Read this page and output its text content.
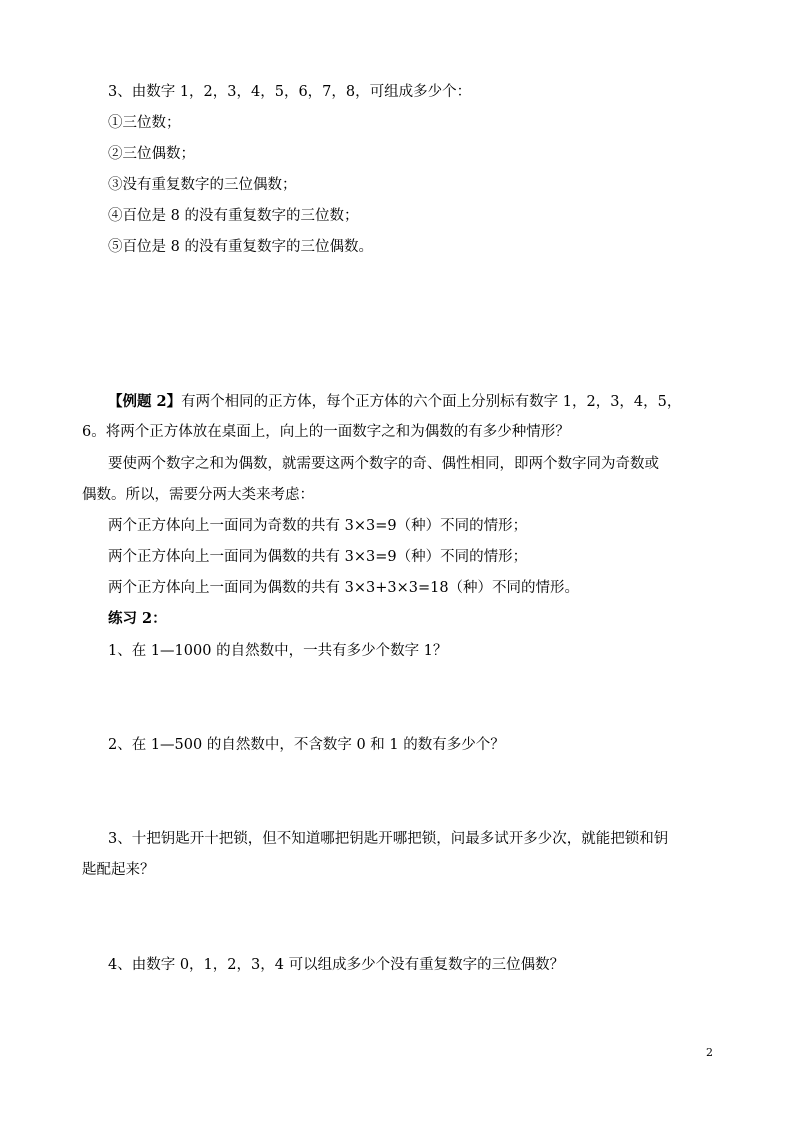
3、由数字 1，2，3，4，5，6，7，8，可组成多少个：
①三位数；
②三位偶数；
③没有重复数字的三位偶数；
④百位是 8 的没有重复数字的三位数；
⑤百位是 8 的没有重复数字的三位偶数。
【例题 2】有两个相同的正方体，每个正方体的六个面上分别标有数字 1，2，3，4，5，
6。将两个正方体放在桌面上，向上的一面数字之和为偶数的有多少种情形？
要使两个数字之和为偶数，就需要这两个数字的奇、偶性相同，即两个数字同为奇数或
偶数。所以，需要分两大类来考虑：
两个正方体向上一面同为奇数的共有 3×3=9（种）不同的情形；
两个正方体向上一面同为偶数的共有 3×3=9（种）不同的情形；
两个正方体向上一面同为偶数的共有 3×3+3×3=18（种）不同的情形。
练习 2：
1、在 1—1000 的自然数中，一共有多少个数字 1？
2、在 1—500 的自然数中，不含数字 0 和 1 的数有多少个？
3、十把钥匙开十把锁，但不知道哪把钥匙开哪把锁，问最多试开多少次，就能把锁和钥
匙配起来？
4、由数字 0，1，2，3，4 可以组成多少个没有重复数字的三位偶数？
2
